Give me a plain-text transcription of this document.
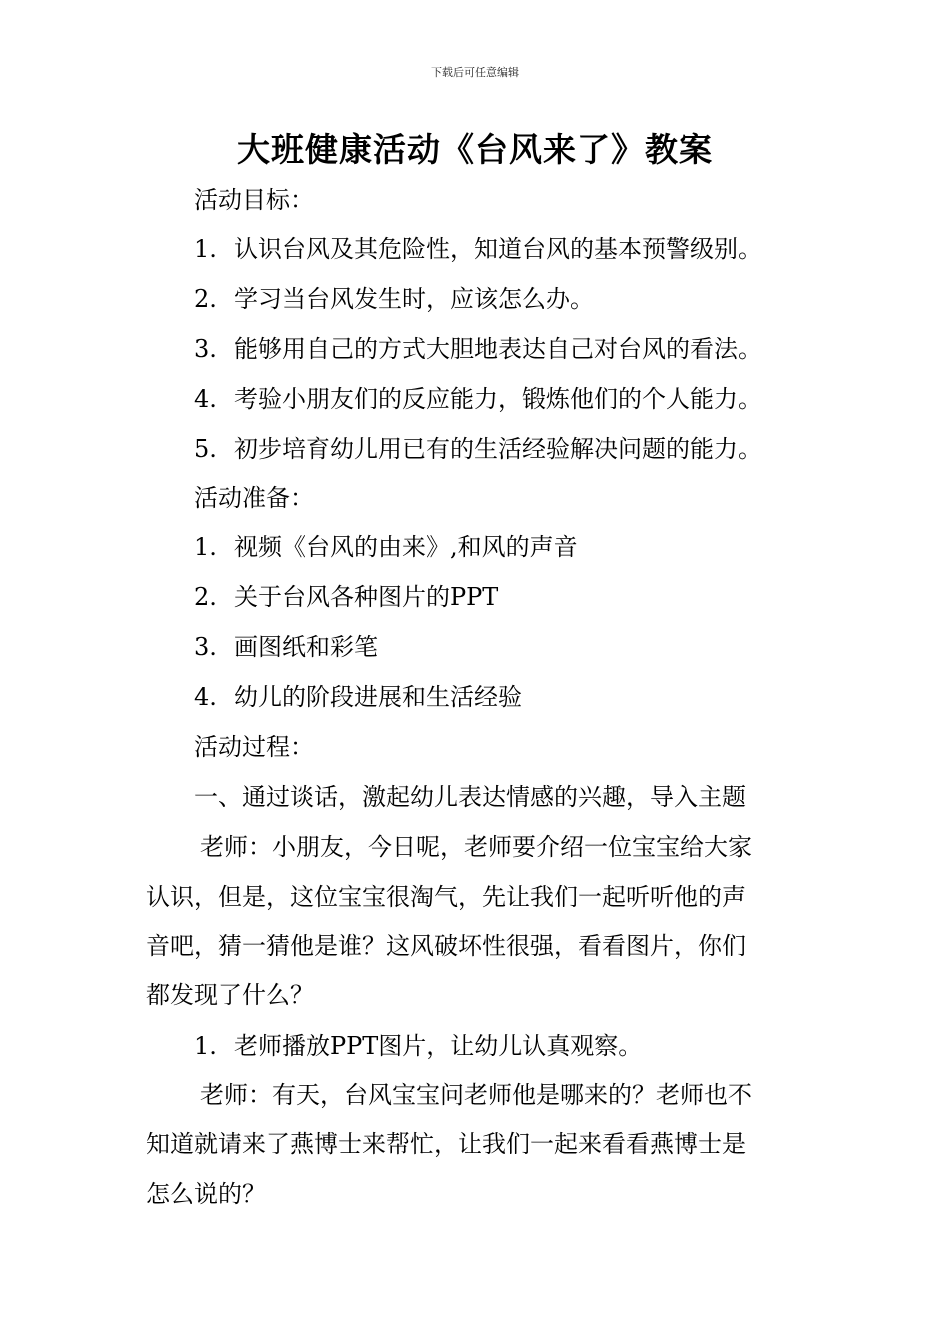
下载后可任意编辑
大班健康活动《台风来了》教案
活动目标：
1. 认识台风及其危险性，知道台风的基本预警级别。
2. 学习当台风发生时，应该怎么办。
3. 能够用自己的方式大胆地表达自己对台风的看法。
4. 考验小朋友们的反应能力，锻炼他们的个人能力。
5. 初步培育幼儿用已有的生活经验解决问题的能力。
活动准备：
1. 视频《台风的由来》,和风的声音
2. 关于台风各种图片的PPT
3. 画图纸和彩笔
4. 幼儿的阶段进展和生活经验
活动过程：
一、通过谈话，激起幼儿表达情感的兴趣，导入主题
老师：小朋友，今日呢，老师要介绍一位宝宝给大家
认识，但是，这位宝宝很淘气，先让我们一起听听他的声
音吧，猜一猜他是谁？这风破坏性很强，看看图片，你们
都发现了什么？
1. 老师播放PPT图片，让幼儿认真观察。
老师：有天，台风宝宝问老师他是哪来的？老师也不
知道就请来了燕博士来帮忙，让我们一起来看看燕博士是
怎么说的？
